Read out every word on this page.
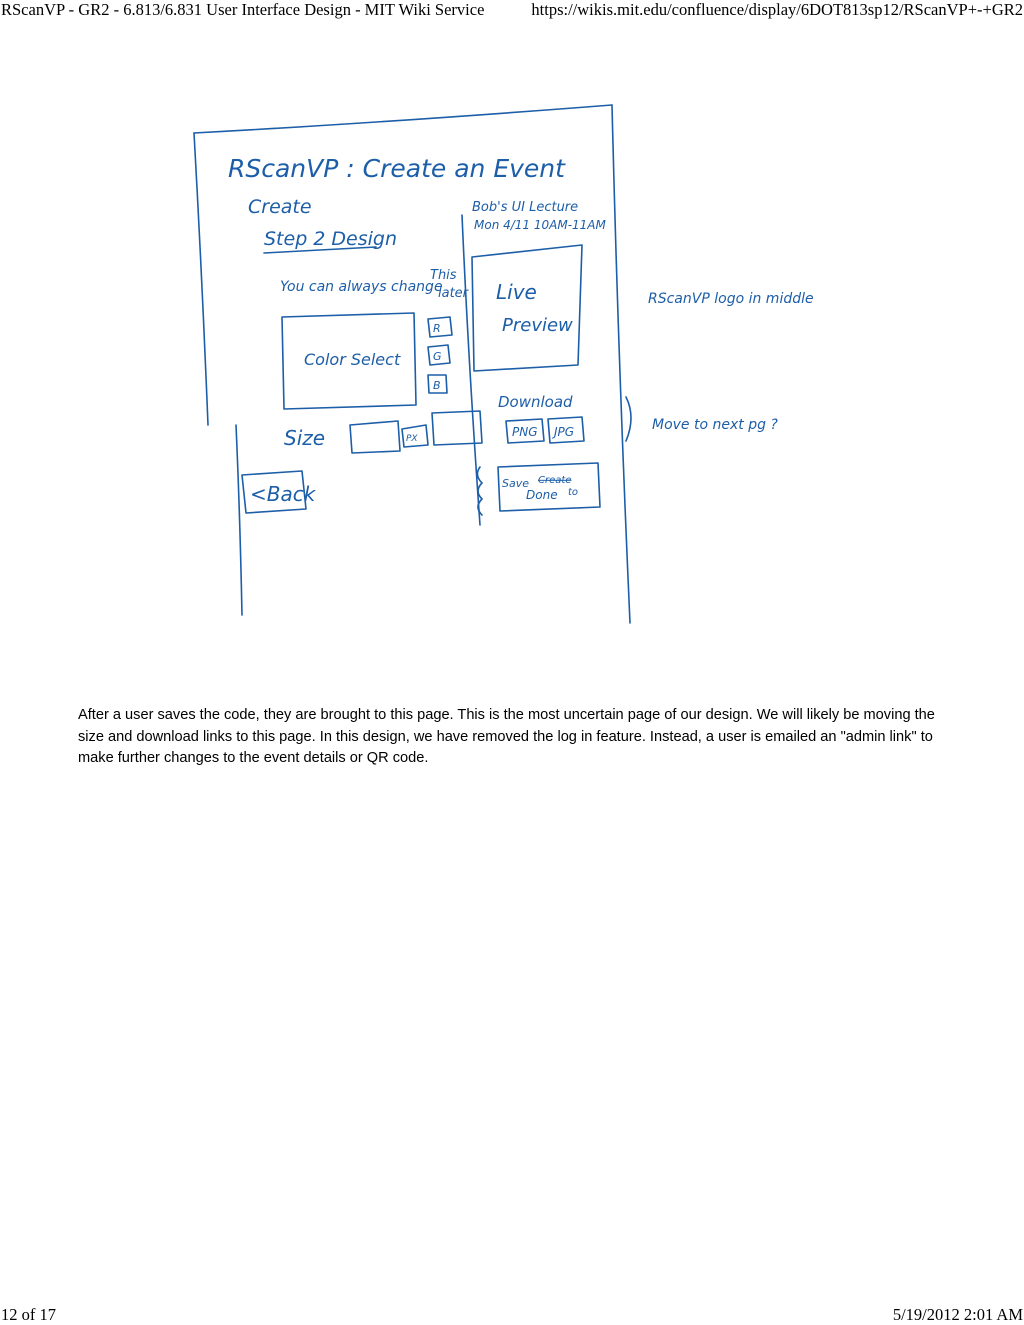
RScanVP - GR2 - 6.813/6.831 User Interface Design - MIT Wiki Service	https://wikis.mit.edu/confluence/display/6DOT813sp12/RScanVP+-+GR2
RScanVP : Create an Event
Create
Step 2 Design
You can always change
This
later
Color Select
R
G
B
Size	PX
<Back
Bob's UI Lecture
Mon 4/11 10AM-11AM
Live
Preview
Download
PNG JPG
Save Create
Done to
RScanVP logo in middle
Move to next pg ?
After a user saves the code, they are brought to this page. This is the most uncertain page of our design. We will likely be moving the size and download links to this page. In this design, we have removed the log in feature. Instead, a user is emailed an "admin link" to make further changes to the event details or QR code.
12 of 17	5/19/2012 2:01 AM
